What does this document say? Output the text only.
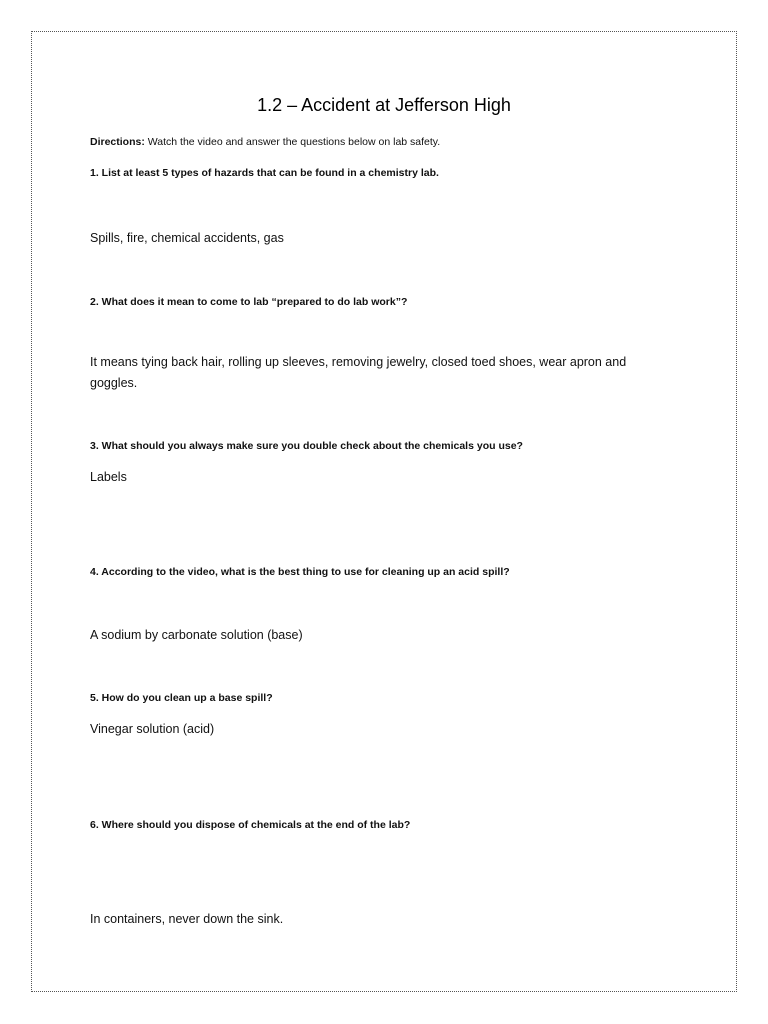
1.2 – Accident at Jefferson High

Directions: Watch the video and answer the questions below on lab safety.

1. List at least 5 types of hazards that can be found in a chemistry lab.

Spills, fire, chemical accidents, gas

2. What does it mean to come to lab “prepared to do lab work”?

It means tying back hair, rolling up sleeves, removing jewelry, closed toed shoes, wear apron and goggles.

3. What should you always make sure you double check about the chemicals you use?

Labels

4. According to the video, what is the best thing to use for cleaning up an acid spill?

A sodium by carbonate solution (base)

5. How do you clean up a base spill?

Vinegar solution (acid)

6. Where should you dispose of chemicals at the end of the lab?

In containers, never down the sink.
